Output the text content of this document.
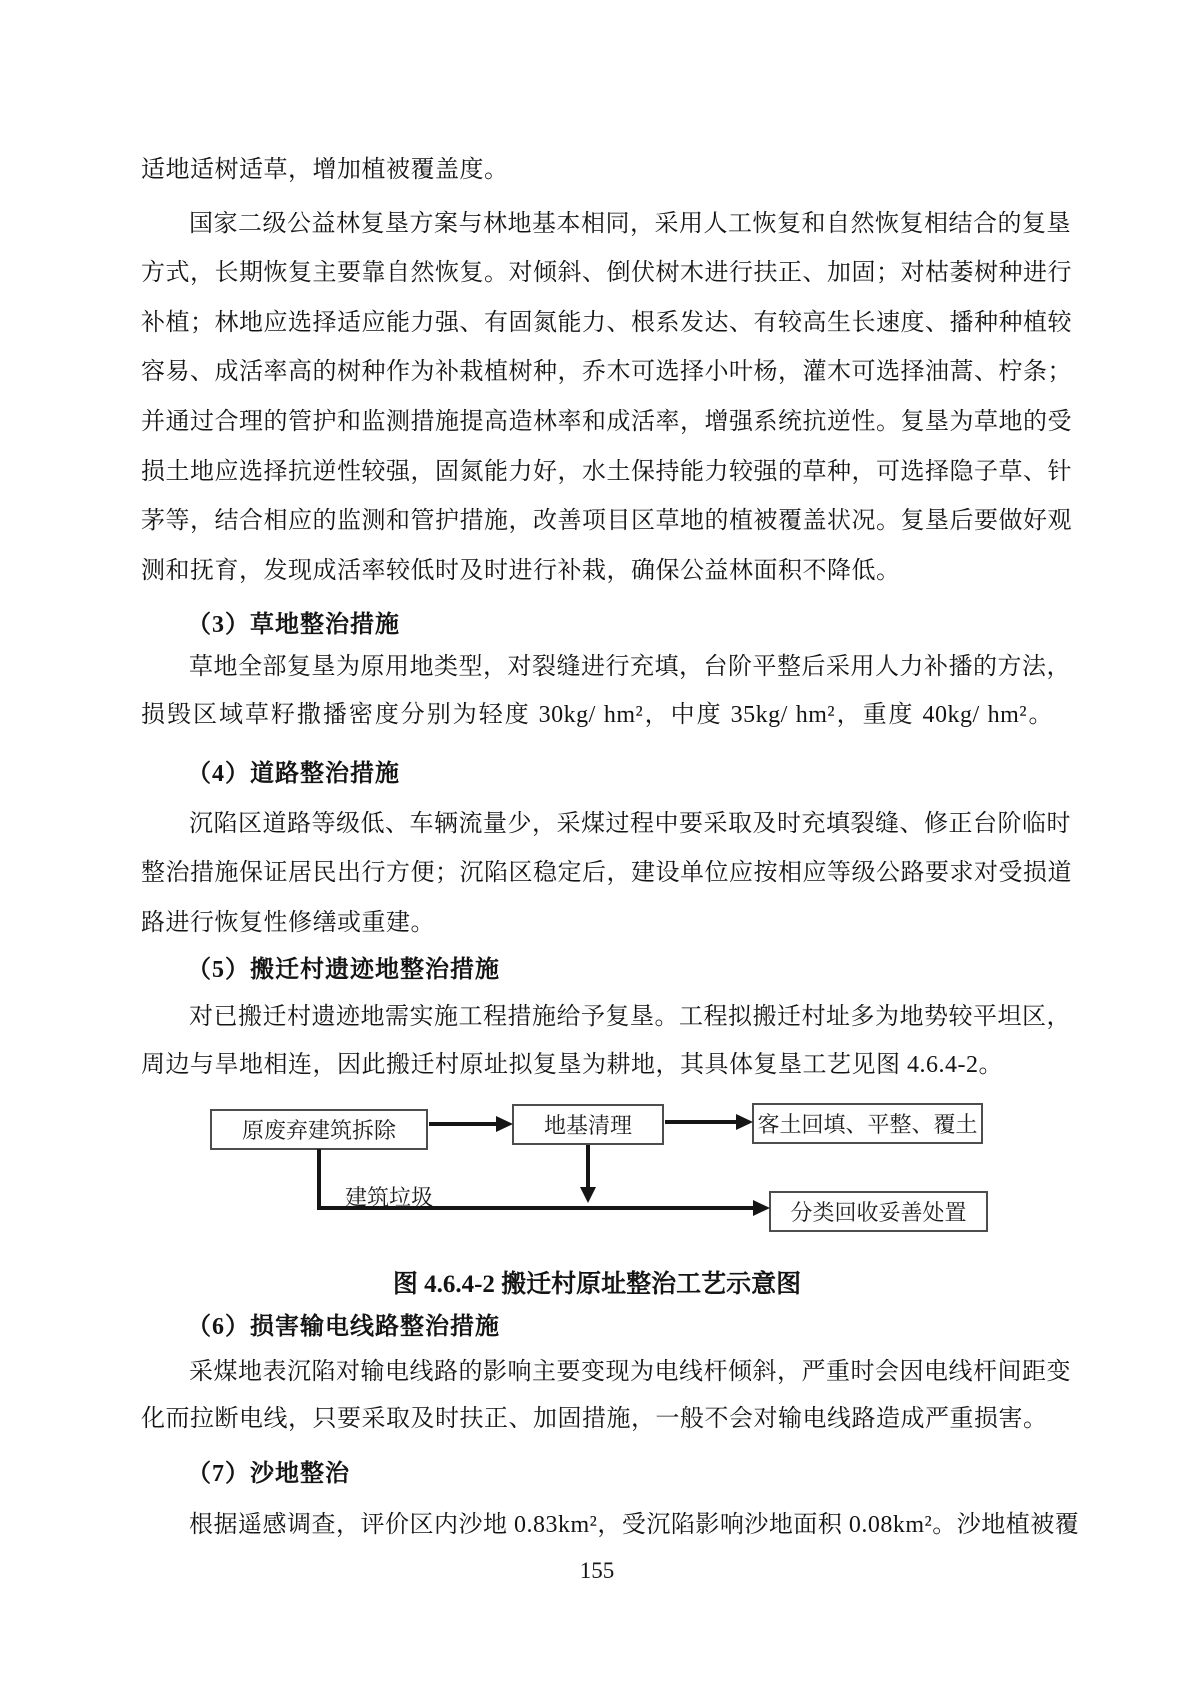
适地适树适草，增加植被覆盖度。
国家二级公益林复垦方案与林地基本相同，采用人工恢复和自然恢复相结合的复垦
方式，长期恢复主要靠自然恢复。对倾斜、倒伏树木进行扶正、加固；对枯萎树种进行
补植；林地应选择适应能力强、有固氮能力、根系发达、有较高生长速度、播种种植较
容易、成活率高的树种作为补栽植树种，乔木可选择小叶杨，灌木可选择油蒿、柠条；
并通过合理的管护和监测措施提高造林率和成活率，增强系统抗逆性。复垦为草地的受
损土地应选择抗逆性较强，固氮能力好，水土保持能力较强的草种，可选择隐子草、针
茅等，结合相应的监测和管护措施，改善项目区草地的植被覆盖状况。复垦后要做好观
测和抚育，发现成活率较低时及时进行补栽，确保公益林面积不降低。
（3）草地整治措施
草地全部复垦为原用地类型，对裂缝进行充填，台阶平整后采用人力补播的方法，
损毁区域草籽撒播密度分别为轻度 30kg/ hm²，中度 35kg/ hm²，重度 40kg/ hm²。
（4）道路整治措施
沉陷区道路等级低、车辆流量少，采煤过程中要采取及时充填裂缝、修正台阶临时
整治措施保证居民出行方便；沉陷区稳定后，建设单位应按相应等级公路要求对受损道
路进行恢复性修缮或重建。
（5）搬迁村遗迹地整治措施
对已搬迁村遗迹地需实施工程措施给予复垦。工程拟搬迁村址多为地势较平坦区，
周边与旱地相连，因此搬迁村原址拟复垦为耕地，其具体复垦工艺见图 4.6.4-2。
原废弃建筑拆除	地基清理	客土回填、平整、覆土
分类回收妥善处置
建筑垃圾
图 4.6.4-2 搬迁村原址整治工艺示意图
（6）损害输电线路整治措施
采煤地表沉陷对输电线路的影响主要变现为电线杆倾斜，严重时会因电线杆间距变
化而拉断电线，只要采取及时扶正、加固措施，一般不会对输电线路造成严重损害。
（7）沙地整治
根据遥感调查，评价区内沙地 0.83km²，受沉陷影响沙地面积 0.08km²。沙地植被覆
155
